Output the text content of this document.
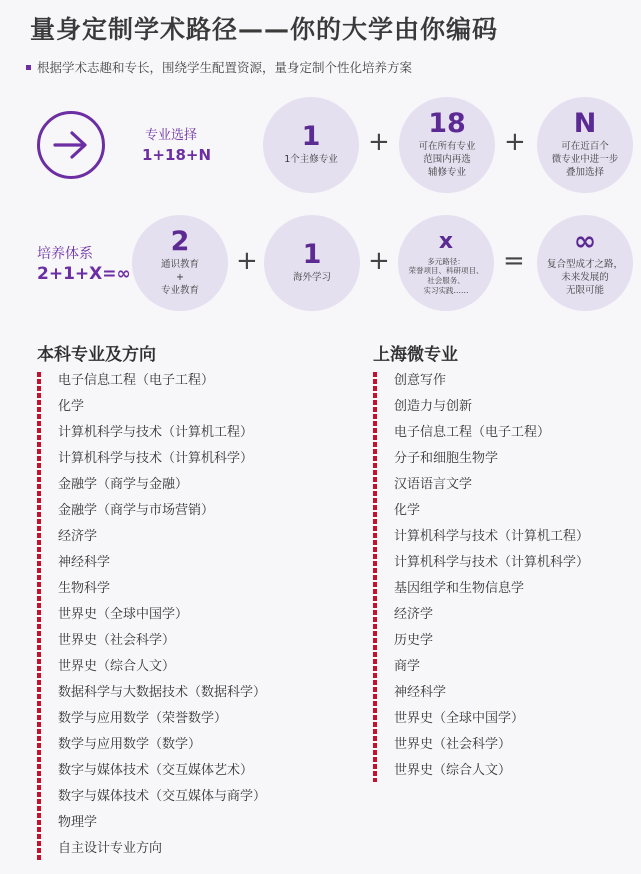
量身定制学术路径——你的大学由你编码
根据学术志趣和专长，围绕学生配置资源，量身定制个性化培养方案
专业选择
1+18+N
1
1个主修专业
+
18
可在所有专业
范围内再选
辅修专业
+
N
可在近百个
微专业中进一步
叠加选择
培养体系
2+1+X=∞
2
通识教育
+
专业教育
+ 1
海外学习
+
x
多元路径：
荣誉项目、科研项目、
社会服务、
实习实践……
=
∞
复合型成才之路，
未来发展的
无限可能
本科专业及方向
电子信息工程（电子工程）
化学
计算机科学与技术（计算机工程）
计算机科学与技术（计算机科学）
金融学（商学与金融）
金融学（商学与市场营销）
经济学
神经科学
生物科学
世界史（全球中国学）
世界史（社会科学）
世界史（综合人文）
数据科学与大数据技术（数据科学）
数学与应用数学（荣誉数学）
数学与应用数学（数学）
数字与媒体技术（交互媒体艺术）
数字与媒体技术（交互媒体与商学）
物理学
自主设计专业方向
上海微专业
创意写作
创造力与创新
电子信息工程（电子工程）
分子和细胞生物学
汉语语言文学
化学
计算机科学与技术（计算机工程）
计算机科学与技术（计算机科学）
基因组学和生物信息学
经济学
历史学
商学
神经科学
世界史（全球中国学）
世界史（社会科学）
世界史（综合人文）
